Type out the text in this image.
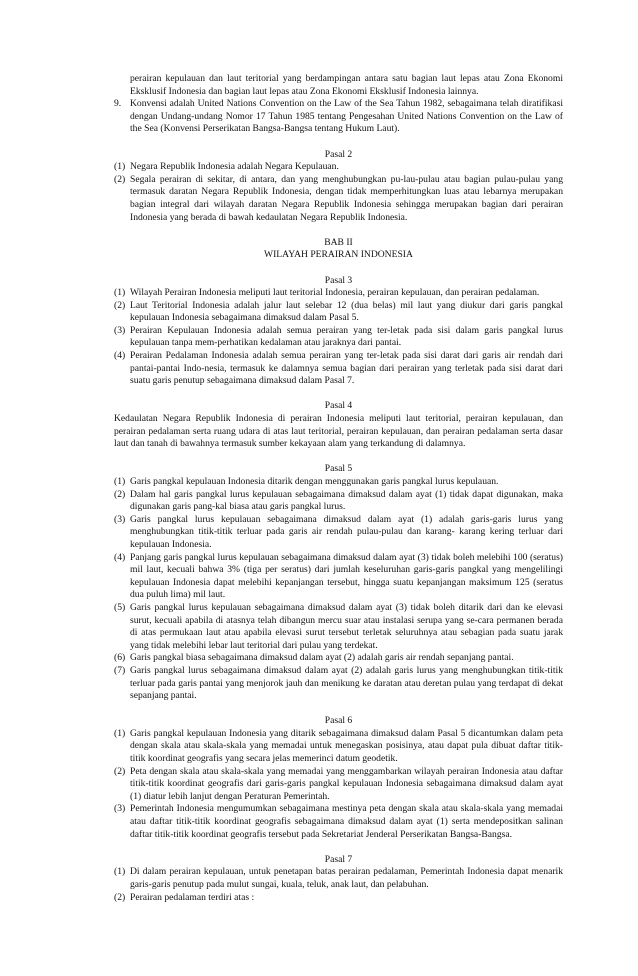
perairan kepulauan dan laut teritorial yang berdampingan antara satu bagian laut lepas atau Zona Ekonomi Eksklusif Indonesia dan bagian laut lepas atau Zona Ekonomi Eksklusif Indonesia lainnya.
9. Konvensi adalah United Nations Convention on the Law of the Sea Tahun 1982, sebagaimana telah diratifikasi dengan Undang-undang Nomor 17 Tahun 1985 tentang Pengesahan United Nations Convention on the Law of the Sea (Konvensi Perserikatan Bangsa-Bangsa tentang Hukum Laut).
Pasal 2
(1) Negara Republik Indonesia adalah Negara Kepulauan.
(2) Segala perairan di sekitar, di antara, dan yang menghubungkan pu-lau-pulau atau bagian pulau-pulau yang termasuk daratan Negara Republik Indonesia, dengan tidak memperhitungkan luas atau lebarnya merupakan bagian integral dari wilayah daratan Negara Republik Indonesia sehingga merupakan bagian dari perairan Indonesia yang berada di bawah kedaulatan Negara Republik Indonesia.
BAB II
WILAYAH PERAIRAN INDONESIA
Pasal 3
(1) Wilayah Perairan Indonesia meliputi laut teritorial Indonesia, perairan kepulauan, dan perairan pedalaman.
(2) Laut Teritorial Indonesia adalah jalur laut selebar 12 (dua belas) mil laut yang diukur dari garis pangkal kepulauan Indonesia sebagaimana dimaksud dalam Pasal 5.
(3) Perairan Kepulauan Indonesia adalah semua perairan yang ter-letak pada sisi dalam garis pangkal lurus kepulauan tanpa mem-perhatikan kedalaman atau jaraknya dari pantai.
(4) Perairan Pedalaman Indonesia adalah semua perairan yang ter-letak pada sisi darat dari garis air rendah dari pantai-pantai Indo-nesia, termasuk ke dalamnya semua bagian dari perairan yang terletak pada sisi darat dari suatu garis penutup sebagaimana dimaksud dalam Pasal 7.
Pasal 4
Kedaulatan Negara Republik Indonesia di perairan Indonesia meliputi laut teritorial, perairan kepulauan, dan perairan pedalaman serta ruang udara di atas laut teritorial, perairan kepulauan, dan perairan pedalaman serta dasar laut dan tanah di bawahnya termasuk sumber kekayaan alam yang terkandung di dalamnya.
Pasal 5
(1) Garis pangkal kepulauan Indonesia ditarik dengan menggunakan garis pangkal lurus kepulauan.
(2) Dalam hal garis pangkal lurus kepulauan sebagaimana dimaksud dalam ayat (1) tidak dapat digunakan, maka digunakan garis pang-kal biasa atau garis pangkal lurus.
(3) Garis pangkal lurus kepulauan sebagaimana dimaksud dalam ayat (1) adalah garis-garis lurus yang menghubungkan titik-titik terluar pada garis air rendah pulau-pulau dan karang- karang kering terluar dari kepulauan Indonesia.
(4) Panjang garis pangkal lurus kepulauan sebagaimana dimaksud dalam ayat (3) tidak boleh melebihi 100 (seratus) mil laut, kecuali bahwa 3% (tiga per seratus) dari jumlah keseluruhan garis-garis pangkal yang mengelilingi kepulauan Indonesia dapat melebihi kepanjangan tersebut, hingga suatu kepanjangan maksimum 125 (seratus dua puluh lima) mil laut.
(5) Garis pangkal lurus kepulauan sebagaimana dimaksud dalam ayat (3) tidak boleh ditarik dari dan ke elevasi surut, kecuali apabila di atasnya telah dibangun mercu suar atau instalasi serupa yang se-cara permanen berada di atas permukaan laut atau apabila elevasi surut tersebut terletak seluruhnya atau sebagian pada suatu jarak yang tidak melebihi lebar laut teritorial dari pulau yang terdekat.
(6) Garis pangkal biasa sebagaimana dimaksud dalam ayat (2) adalah garis air rendah sepanjang pantai.
(7) Garis pangkal lurus sebagaimana dimaksud dalam ayat (2) adalah garis lurus yang menghubungkan titik-titik terluar pada garis pantai yang menjorok jauh dan menikung ke daratan atau deretan pulau yang terdapat di dekat sepanjang pantai.
Pasal 6
(1) Garis pangkal kepulauan Indonesia yang ditarik sebagaimana dimaksud dalam Pasal 5 dicantumkan dalam peta dengan skala atau skala-skala yang memadai untuk menegaskan posisinya, atau dapat pula dibuat daftar titik-titik koordinat geografis yang secara jelas memerinci datum geodetik.
(2) Peta dengan skala atau skala-skala yang memadai yang menggambarkan wilayah perairan Indonesia atau daftar titik-titik koordinat geografis dari garis-garis pangkal kepulauan Indonesia sebagaimana dimaksud dalam ayat (1) diatur lebih lanjut dengan Peraturan Pemerintah.
(3) Pemerintah Indonesia mengumumkan sebagaimana mestinya peta dengan skala atau skala-skala yang memadai atau daftar titik-titik koordinat geografis sebagaimana dimaksud dalam ayat (1) serta mendepositkan salinan daftar titik-titik koordinat geografis tersebut pada Sekretariat Jenderal Perserikatan Bangsa-Bangsa.
Pasal 7
(1) Di dalam perairan kepulauan, untuk penetapan batas perairan pedalaman, Pemerintah Indonesia dapat menarik garis-garis penutup pada mulut sungai, kuala, teluk, anak laut, dan pelabuhan.
(2) Perairan pedalaman terdiri atas :
